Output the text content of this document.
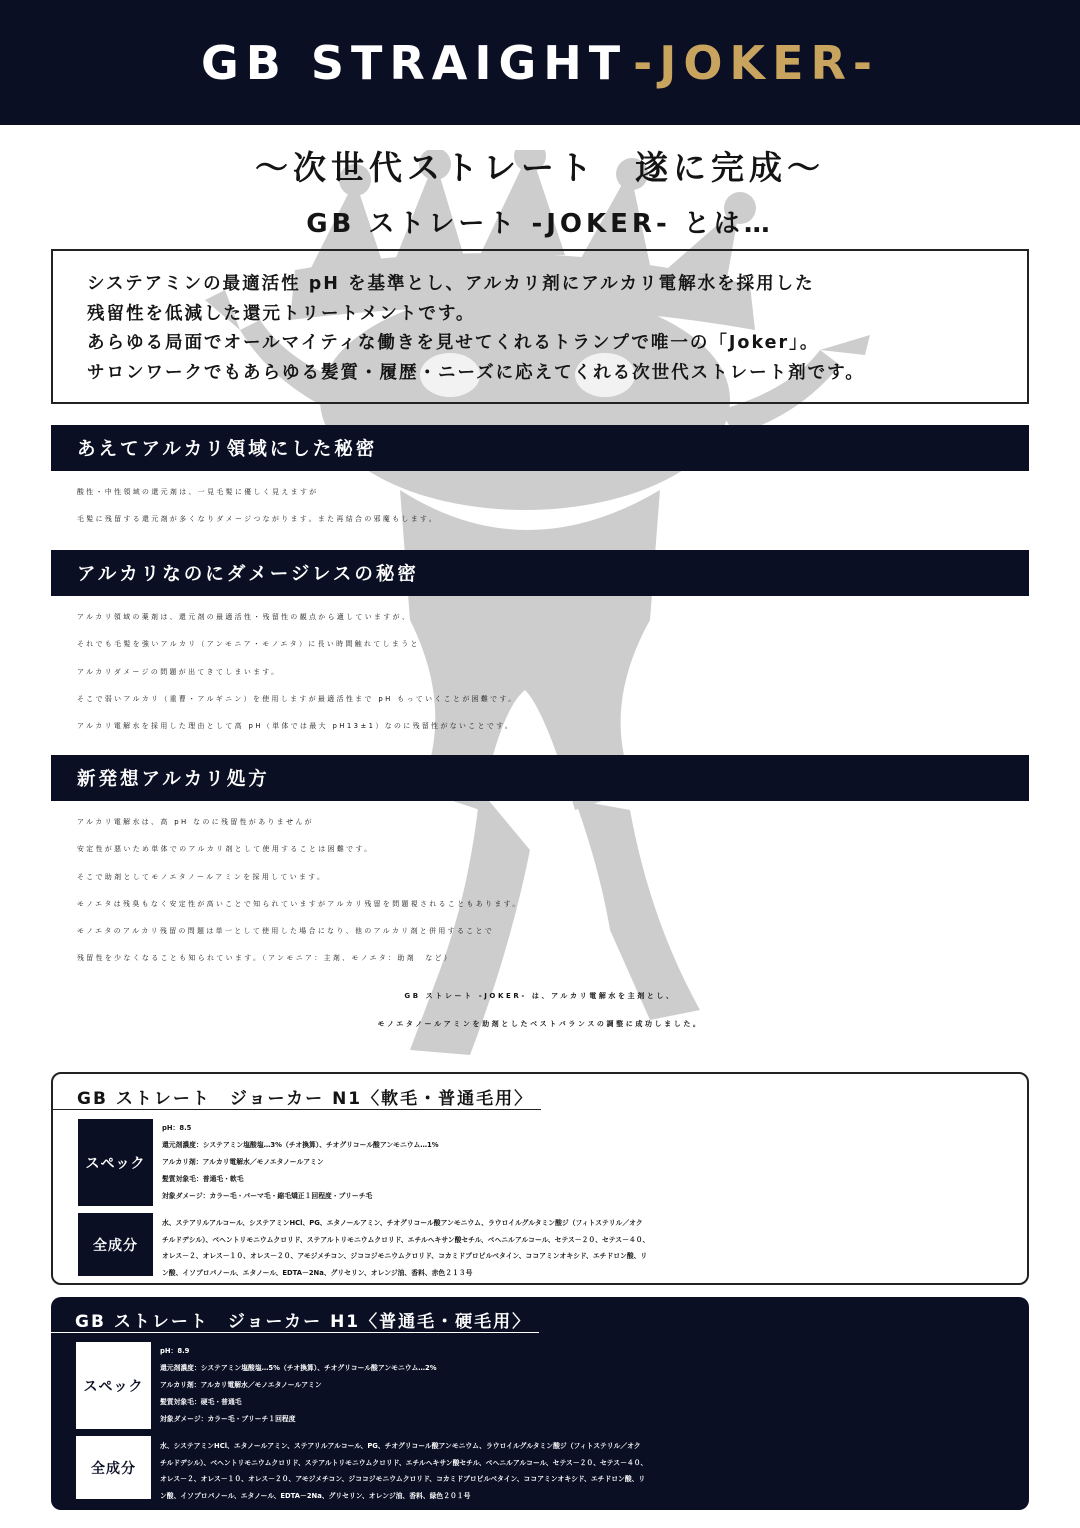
GB STRAIGHT -JOKER-
〜次世代ストレート　遂に完成〜
GB ストレート -JOKER- とは…
システアミンの最適活性 pH を基準とし、アルカリ剤にアルカリ電解水を採用した
残留性を低減した還元トリートメントです。
あらゆる局面でオールマイティな働きを見せてくれるトランプで唯一の「Joker」。
サロンワークでもあらゆる髪質・履歴・ニーズに応えてくれる次世代ストレート剤です。
あえてアルカリ領域にした秘密
酸性・中性領域の還元剤は、一見毛髪に優しく見えますが
毛髪に残留する還元剤が多くなりダメージつながります。また再結合の邪魔もします。
アルカリなのにダメージレスの秘密
アルカリ領域の薬剤は、還元剤の最適活性・残留性の観点から適していますが、
それでも毛髪を強いアルカリ（アンモニア・モノエタ）に長い時間触れてしまうと
アルカリダメージの問題が出てきてしまいます。
そこで弱いアルカリ（重曹・アルギニン）を使用しますが最適活性まで pH もっていくことが困難です。
アルカリ電解水を採用した理由として高 pH（単体では最大 pH13±1）なのに残留性がないことです。
新発想アルカリ処方
アルカリ電解水は、高 pH なのに残留性がありませんが
安定性が悪いため単体でのアルカリ剤として使用することは困難です。
そこで助剤としてモノエタノールアミンを採用しています。
モノエタは残臭もなく安定性が高いことで知られていますがアルカリ残留を問題視されることもあります。
モノエタのアルカリ残留の問題は単一として使用した場合になり、他のアルカリ剤と併用することで
残留性を少なくなることも知られています。（アンモニア：主剤、モノエタ：助剤　など）
GB ストレート -JOKER- は、アルカリ電解水を主剤とし、
モノエタノールアミンを助剤としたベストバランスの調整に成功しました。
GB ストレート　ジョーカー N1〈軟毛・普通毛用〉
スペック
pH：8.5
還元剤濃度：システアミン塩酸塩…3%（チオ換算）、チオグリコール酸アンモニウム…1%
アルカリ剤：アルカリ電解水／モノエタノールアミン
髪質対象毛：普通毛・軟毛
対象ダメージ：カラー毛・パーマ毛・縮毛矯正１回程度・ブリーチ毛
全成分
水、ステアリルアルコール、システアミンHCl、PG、エタノールアミン、チオグリコール酸アンモニウム、ラウロイルグルタミン酸ジ（フィトステリル／オク
チルドデシル）、ベヘントリモニウムクロリド、ステアルトリモニウムクロリド、エチルヘキサン酸セチル、ベヘニルアルコール、セテス－２０、セテス－４０、
オレス－２、オレス－１０、オレス－２０、アモジメチコン、ジココジモニウムクロリド、コカミドプロピルベタイン、ココアミンオキシド、エチドロン酸、リ
ン酸、イソプロパノール、エタノール、EDTA－2Na、グリセリン、オレンジ油、香料、赤色２１３号
GB ストレート　ジョーカー H1〈普通毛・硬毛用〉
スペック
pH：8.9
還元剤濃度：システアミン塩酸塩…5%（チオ換算）、チオグリコール酸アンモニウム…2%
アルカリ剤：アルカリ電解水／モノエタノールアミン
髪質対象毛：硬毛・普通毛
対象ダメージ：カラー毛・ブリーチ１回程度
全成分
水、システアミンHCl、エタノールアミン、ステアリルアルコール、PG、チオグリコール酸アンモニウム、ラウロイルグルタミン酸ジ（フィトステリル／オク
チルドデシル）、ベヘントリモニウムクロリド、ステアルトリモニウムクロリド、エチルヘキサン酸セチル、ベヘニルアルコール、セテス－２０、セテス－４０、
オレス－２、オレス－１０、オレス－２０、アモジメチコン、ジココジモニウムクロリド、コカミドプロピルベタイン、ココアミンオキシド、エチドロン酸、リ
ン酸、イソプロパノール、エタノール、EDTA－2Na、グリセリン、オレンジ油、香料、緑色２０１号
